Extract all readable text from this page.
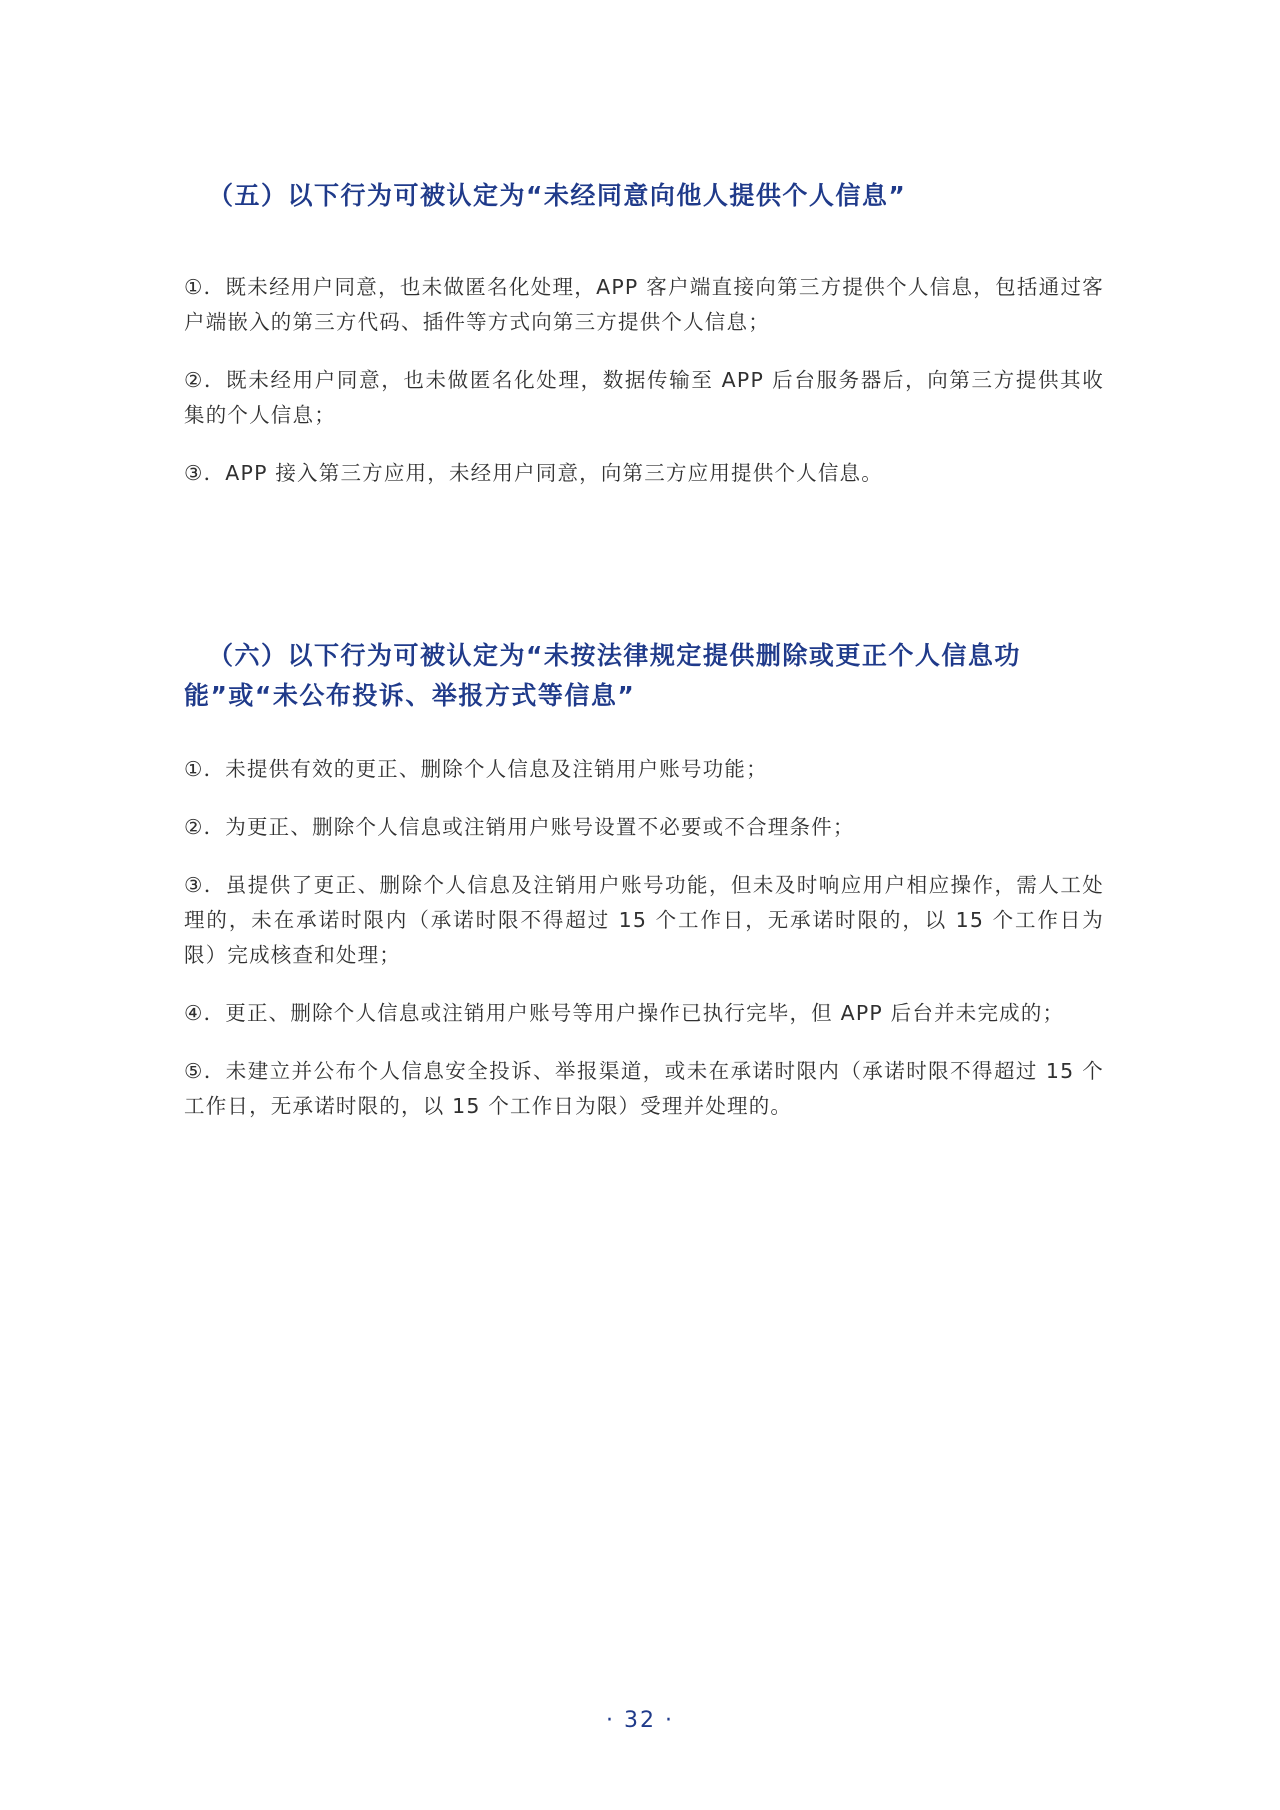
（五）以下行为可被认定为“未经同意向他人提供个人信息”
①．既未经用户同意，也未做匿名化处理，APP 客户端直接向第三方提供个人信息，包括通过客户端嵌入的第三方代码、插件等方式向第三方提供个人信息；
②．既未经用户同意，也未做匿名化处理，数据传输至 APP 后台服务器后，向第三方提供其收集的个人信息；
③．APP 接入第三方应用，未经用户同意，向第三方应用提供个人信息。
（六）以下行为可被认定为“未按法律规定提供删除或更正个人信息功能”或“未公布投诉、举报方式等信息”
①．未提供有效的更正、删除个人信息及注销用户账号功能；
②．为更正、删除个人信息或注销用户账号设置不必要或不合理条件；
③．虽提供了更正、删除个人信息及注销用户账号功能，但未及时响应用户相应操作，需人工处理的，未在承诺时限内（承诺时限不得超过 15 个工作日，无承诺时限的，以 15 个工作日为限）完成核查和处理；
④．更正、删除个人信息或注销用户账号等用户操作已执行完毕，但 APP 后台并未完成的；
⑤．未建立并公布个人信息安全投诉、举报渠道，或未在承诺时限内（承诺时限不得超过 15 个工作日，无承诺时限的，以 15 个工作日为限）受理并处理的。
· 32 ·
